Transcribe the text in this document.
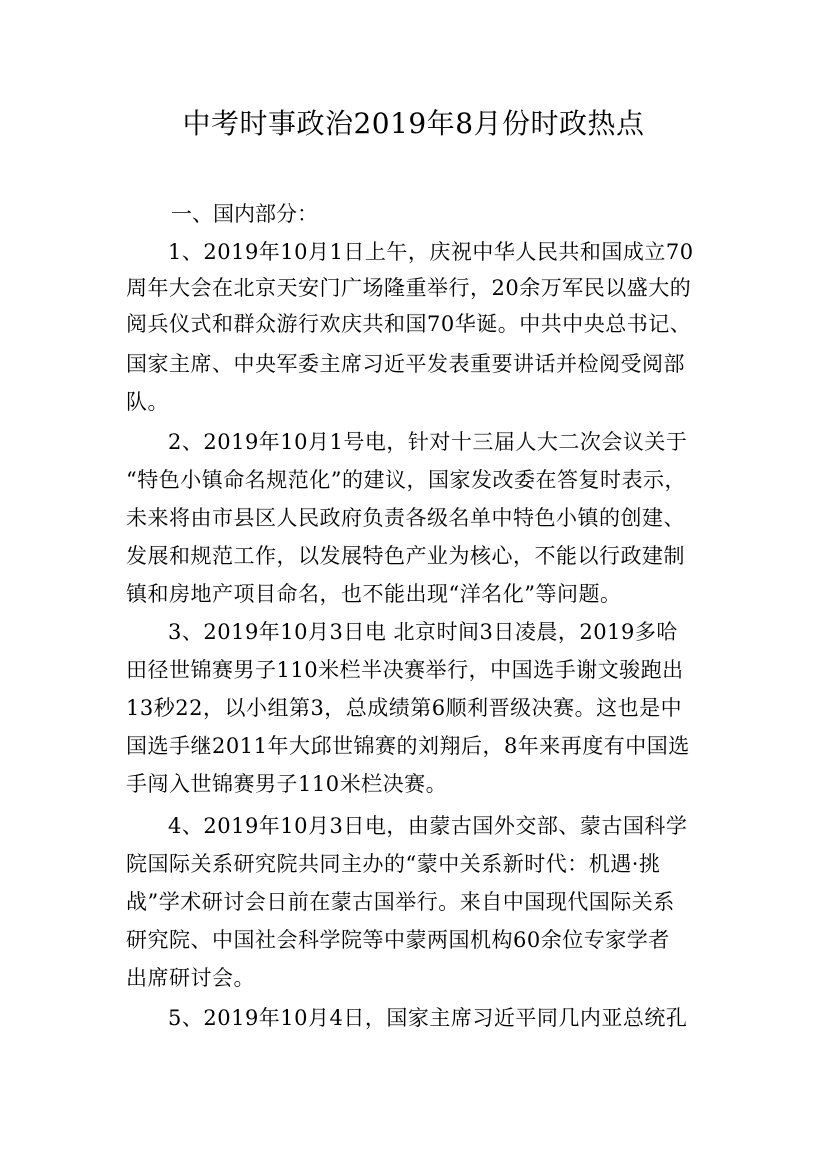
中考时事政治2019年8月份时政热点
一、国内部分：
1、2019年10月1日上午，庆祝中华人民共和国成立70
周年大会在北京天安门广场隆重举行，20余万军民以盛大的
阅兵仪式和群众游行欢庆共和国70华诞。中共中央总书记、
国家主席、中央军委主席习近平发表重要讲话并检阅受阅部
队。
2、2019年10月1号电，针对十三届人大二次会议关于
“特色小镇命名规范化”的建议，国家发改委在答复时表示，
未来将由市县区人民政府负责各级名单中特色小镇的创建、
发展和规范工作，以发展特色产业为核心，不能以行政建制
镇和房地产项目命名，也不能出现“洋名化”等问题。
3、2019年10月3日电 北京时间3日凌晨，2019多哈
田径世锦赛男子110米栏半决赛举行，中国选手谢文骏跑出
13秒22，以小组第3，总成绩第6顺利晋级决赛。这也是中
国选手继2011年大邱世锦赛的刘翔后，8年来再度有中国选
手闯入世锦赛男子110米栏决赛。
4、2019年10月3日电，由蒙古国外交部、蒙古国科学
院国际关系研究院共同主办的“蒙中关系新时代：机遇·挑
战”学术研讨会日前在蒙古国举行。来自中国现代国际关系
研究院、中国社会科学院等中蒙两国机构60余位专家学者
出席研讨会。
5、2019年10月4日，国家主席习近平同几内亚总统孔
